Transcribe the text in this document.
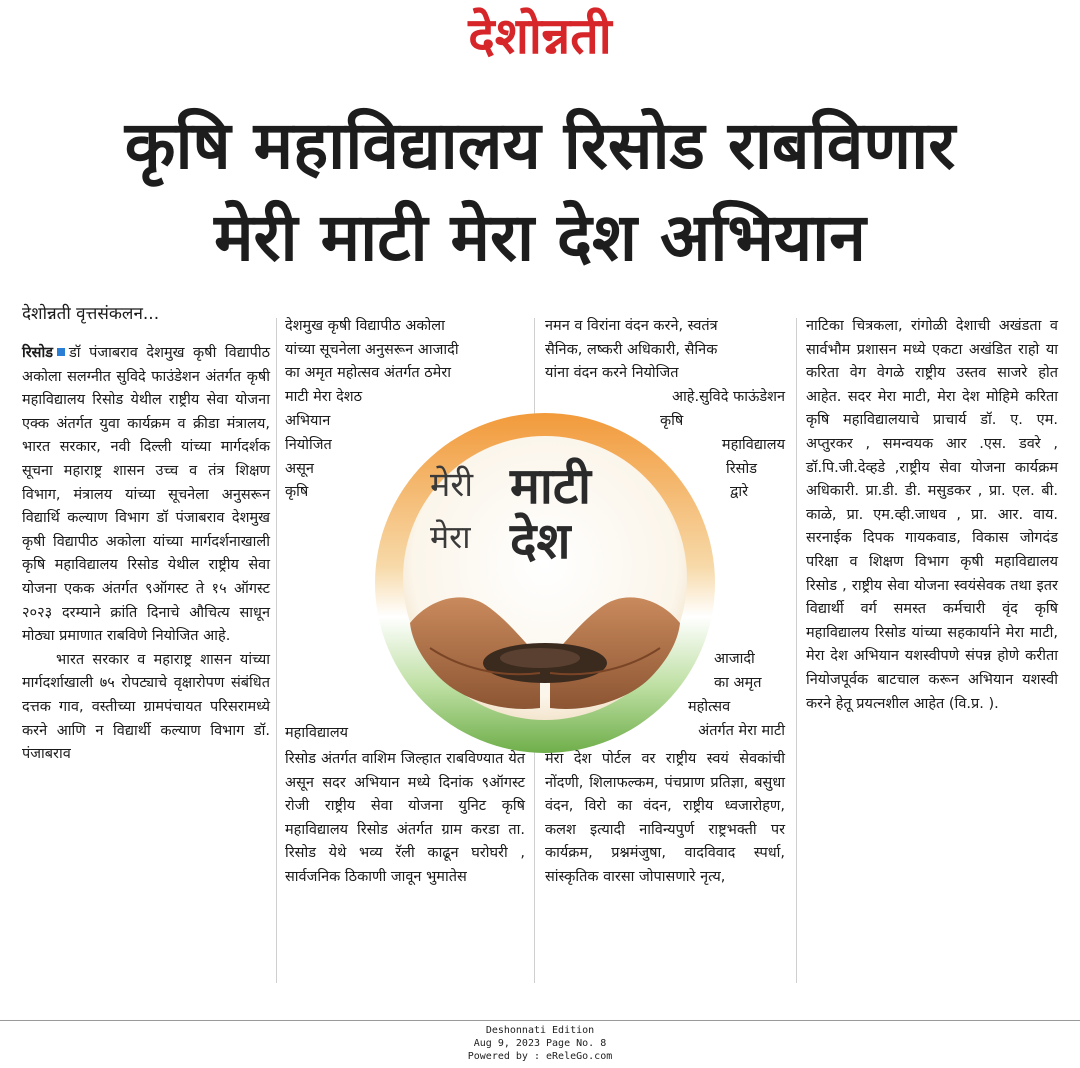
देशोन्नती
कृषि महाविद्यालय रिसोड राबविणार
मेरी माटी मेरा देश अभियान
देशोन्नती वृत्तसंकलन...

रिसोड डॉ पंजाबराव देशमुख कृषी विद्यापीठ अकोला सलग्नीत सुविदे फाउंडेशन अंतर्गत कृषी महाविद्यालय रिसोड येथील राष्ट्रीय सेवा योजना एक्क अंतर्गत युवा कार्यक्रम व क्रीडा मंत्रालय, भारत सरकार, नवी दिल्ली यांच्या मार्गदर्शक सूचना महाराष्ट्र शासन उच्च व तंत्र शिक्षण विभाग, मंत्रालय यांच्या सूचनेला अनुसरून विद्यार्थि कल्याण विभाग डॉ पंजाबराव देशमुख कृषी विद्यापीठ अकोला यांच्या मार्गदर्शनाखाली कृषि महाविद्यालय रिसोड येथील राष्ट्रीय सेवा योजना एकक अंतर्गत ९ऑगस्ट ते १५ ऑगस्ट २०२३ दरम्याने क्रांति दिनाचे औचित्य साधून मोठ्या प्रमाणात राबविणे नियोजित आहे.

भारत सरकार व महाराष्ट्र शासन यांच्या मार्गदर्शाखाली ७५ रोपट्याचे वृक्षारोपण संबंधित दत्तक गाव, वस्तीच्या ग्रामपंचायत परिसरामध्ये करने आणि न विद्यार्थी कल्याण विभाग डॉ. पंजाबराव

देशमुख कृषी विद्यापीठ अकोला

यांच्या सूचनेला अनुसरून आजादी

का अमृत महोत्सव अंतर्गत ठमेरा

माटी मेरा देशठ

अभियान
नियोजित
असून
कृषि
महाविद्यालय

नमन व विरांना वंदन करने, स्वतंत्र

सैनिक, लष्करी अधिकारी, सैनिक

यांना वंदन करने नियोजित

आहे.सुविदे फाऊंडेशन

कृषि
महाविद्यालय
रिसोड
द्वारे
आजादी
का अमृत
महोत्सव
अंतर्गत मेरा माटी
रिसोड अंतर्गत वाशिम जिल्हात राबविण्यात येत असून सदर अभियान मध्ये दिनांक ९ऑगस्ट रोजी राष्ट्रीय सेवा योजना युनिट कृषि महाविद्यालय रिसोड अंतर्गत ग्राम करडा ता. रिसोड येथे भव्य रॅली काढून घरोघरी , सार्वजनिक ठिकाणी जावून भुमातेस
मेरा देश पोर्टल वर राष्ट्रीय स्वयं सेवकांची नोंदणी, शिलाफल्कम, पंचप्राण प्रतिज्ञा, बसुधा वंदन, विरो का वंदन, राष्ट्रीय ध्वजारोहण, कलश इत्यादी नाविन्यपुर्ण राष्ट्रभक्ती पर कार्यक्रम, प्रश्नमंजुषा, वादविवाद स्पर्धा, सांस्कृतिक वारसा जोपासणारे नृत्य,
नाटिका चित्रकला, रांगोळी देशाची अखंडता व सार्वभौम प्रशासन मध्ये एकटा अखंडित राहो या करिता वेग वेगळे राष्ट्रीय उस्तव साजरे होत आहेत. सदर मेरा माटी, मेरा देश मोहिमे करिता कृषि महाविद्यालयाचे प्राचार्य डॉ. ए. एम. अप्तुरकर , समन्वयक आर .एस. डवरे , डॉ.पि.जी.देव्हडे ,राष्ट्रीय सेवा योजना कार्यक्रम अधिकारी. प्रा.डी. डी. मसुडकर , प्रा. एल. बी. काळे, प्रा. एम.व्ही.जाधव , प्रा. आर. वाय. सरनाईक दिपक गायकवाड, विकास जोगदंड परिक्षा व शिक्षण विभाग कृषी महाविद्यालय रिसोड , राष्ट्रीय सेवा योजना स्वयंसेवक तथा इतर विद्यार्थी वर्ग समस्त कर्मचारी वृंद कृषि महाविद्यालय रिसोड यांच्या सहकार्याने मेरा माटी, मेरा देश अभियान यशस्वीपणे संपन्न होणे करीता नियोजपूर्वक बाटचाल करून अभियान यशस्वी करने हेतू प्रयत्नशील आहेत (वि.प्र. ).
मेरी माटी
मेरा देश
Deshonnati Edition
Aug 9, 2023 Page No. 8
Powered by : eReleGo.com
